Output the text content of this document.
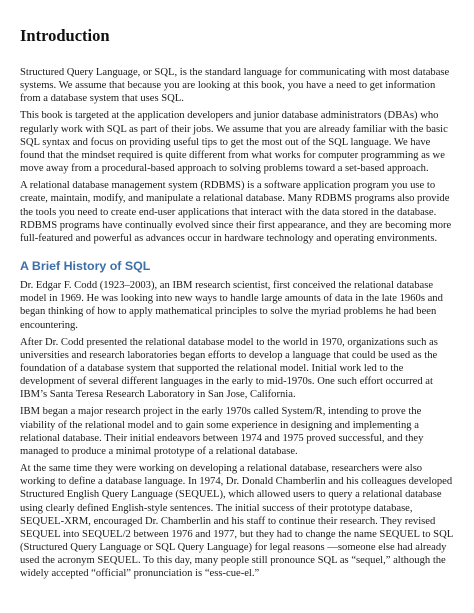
Introduction

Structured Query Language, or SQL, is the standard language for communicating with most database systems. We assume that because you are looking at this book, you have a need to get information from a database system that uses SQL.

This book is targeted at the application developers and junior database administrators (DBAs) who regularly work with SQL as part of their jobs. We assume that you are already familiar with the basic SQL syntax and focus on providing useful tips to get the most out of the SQL language. We have found that the mindset required is quite different from what works for computer programming as we move away from a procedural-based approach to solving problems toward a set-based approach.

A relational database management system (RDBMS) is a software application program you use to create, maintain, modify, and manipulate a relational database. Many RDBMS programs also provide the tools you need to create end-user applications that interact with the data stored in the database. RDBMS programs have continually evolved since their first appearance, and they are becoming more full-featured and powerful as advances occur in hardware technology and operating environments.

A Brief History of SQL

Dr. Edgar F. Codd (1923–2003), an IBM research scientist, first conceived the relational database model in 1969. He was looking into new ways to handle large amounts of data in the late 1960s and began thinking of how to apply mathematical principles to solve the myriad problems he had been encountering.

After Dr. Codd presented the relational database model to the world in 1970, organizations such as universities and research laboratories began efforts to develop a language that could be used as the foundation of a database system that supported the relational model. Initial work led to the development of several different languages in the early to mid-1970s. One such effort occurred at IBM’s Santa Teresa Research Laboratory in San Jose, California.

IBM began a major research project in the early 1970s called System/R, intending to prove the viability of the relational model and to gain some experience in designing and implementing a relational database. Their initial endeavors between 1974 and 1975 proved successful, and they managed to produce a minimal prototype of a relational database.

At the same time they were working on developing a relational database, researchers were also working to define a database language. In 1974, Dr. Donald Chamberlin and his colleagues developed Structured English Query Language (SEQUEL), which allowed users to query a relational database using clearly defined English-style sentences. The initial success of their prototype database, SEQUEL-XRM, encouraged Dr. Chamberlin and his staff to continue their research. They revised SEQUEL into SEQUEL/2 between 1976 and 1977, but they had to change the name SEQUEL to SQL (Structured Query Language or SQL Query Language) for legal reasons —someone else had already used the acronym SEQUEL. To this day, many people still pronounce SQL as “sequel,” although the widely accepted “official” pronunciation is “ess-cue-el.”
